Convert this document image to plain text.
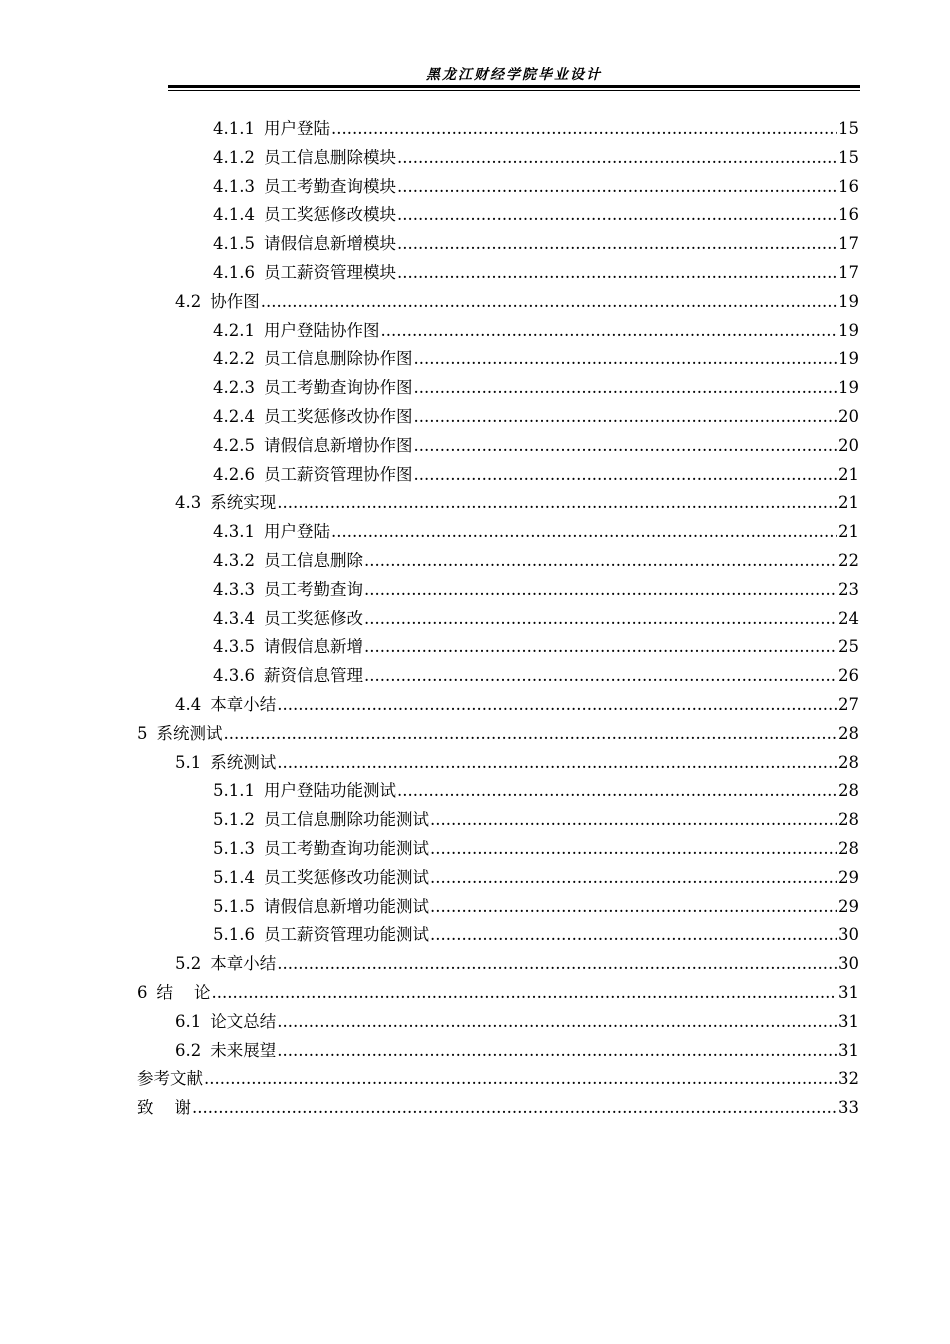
黑龙江财经学院毕业设计
4.1.1 用户登陆 .....	15
4.1.2 员工信息删除模块 .....	15
4.1.3 员工考勤查询模块 .....	16
4.1.4 员工奖惩修改模块 .....	16
4.1.5 请假信息新增模块 .....	17
4.1.6 员工薪资管理模块 .....	17
4.2 协作图 .....	19
4.2.1 用户登陆协作图 .....	19
4.2.2 员工信息删除协作图 .....	19
4.2.3 员工考勤查询协作图 .....	19
4.2.4 员工奖惩修改协作图 .....	20
4.2.5 请假信息新增协作图 .....	20
4.2.6 员工薪资管理协作图 .....	21
4.3 系统实现 .....	21
4.3.1 用户登陆 .....	21
4.3.2 员工信息删除 .....	22
4.3.3 员工考勤查询 .....	23
4.3.4 员工奖惩修改 .....	24
4.3.5 请假信息新增 .....	25
4.3.6 薪资信息管理 .....	26
4.4 本章小结 .....	27
5 系统测试 .....	28
5.1 系统测试 .....	28
5.1.1 用户登陆功能测试 .....	28
5.1.2 员工信息删除功能测试 .....	28
5.1.3 员工考勤查询功能测试 .....	28
5.1.4 员工奖惩修改功能测试 .....	29
5.1.5 请假信息新增功能测试 .....	29
5.1.6 员工薪资管理功能测试 .....	30
5.2 本章小结 .....	30
6 结    论 .....	31
6.1 论文总结 .....	31
6.2 未来展望 .....	31
参考文献 .....	32
致    谢 .....	33
